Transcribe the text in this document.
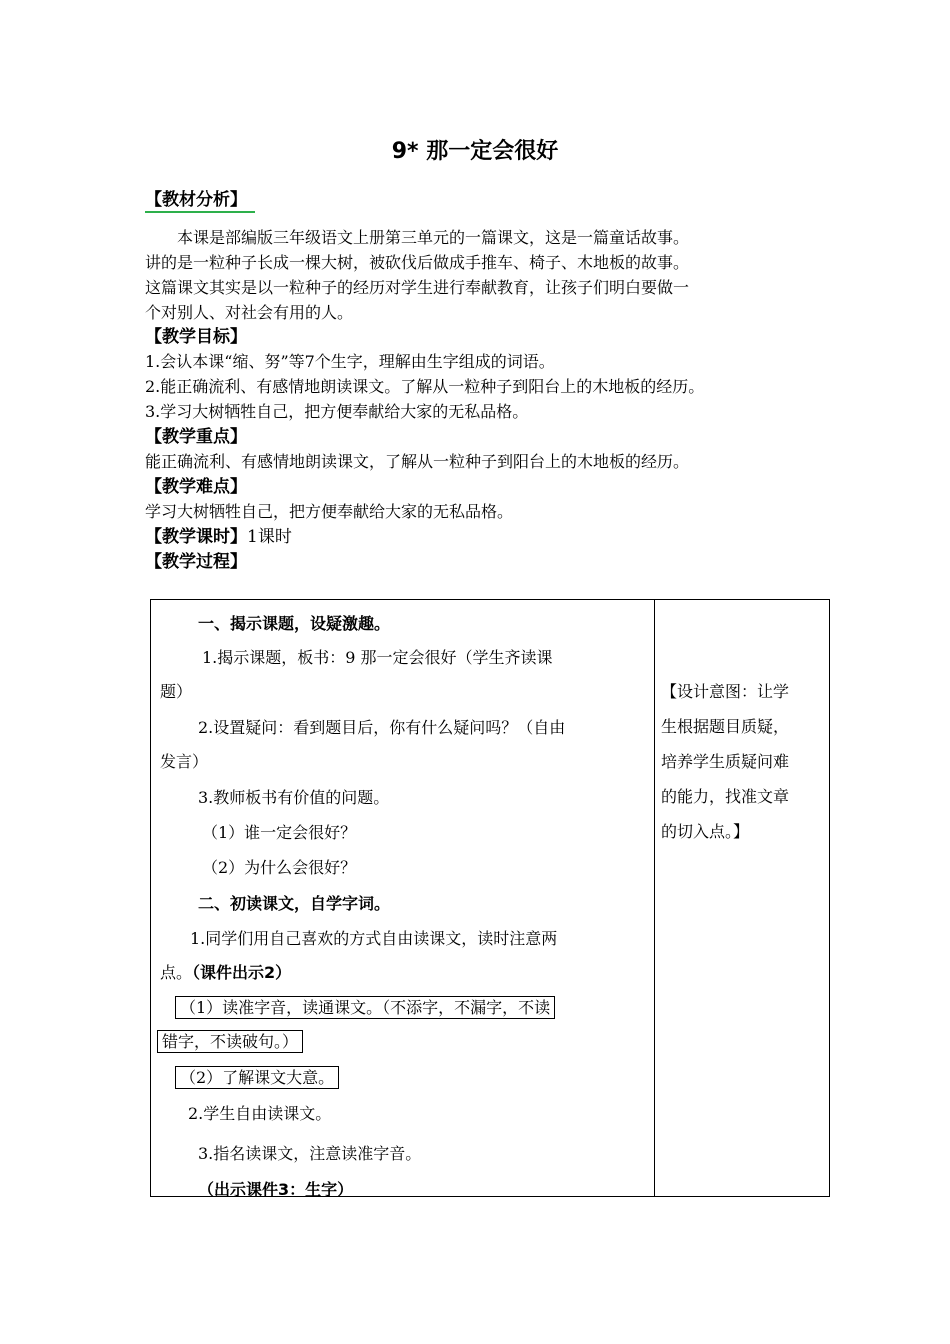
9* 那一定会很好
【教材分析】
本课是部编版三年级语文上册第三单元的一篇课文，这是一篇童话故事。
讲的是一粒种子长成一棵大树，被砍伐后做成手推车、椅子、木地板的故事。
这篇课文其实是以一粒种子的经历对学生进行奉献教育，让孩子们明白要做一
个对别人、对社会有用的人。
【教学目标】
1.会认本课“缩、努”等7个生字，理解由生字组成的词语。
2.能正确流利、有感情地朗读课文。了解从一粒种子到阳台上的木地板的经历。
3.学习大树牺牲自己，把方便奉献给大家的无私品格。
【教学重点】
能正确流利、有感情地朗读课文，了解从一粒种子到阳台上的木地板的经历。
【教学难点】
学习大树牺牲自己，把方便奉献给大家的无私品格。
【教学课时】1课时
【教学过程】
一、揭示课题，设疑激趣。
1.揭示课题，板书：9 那一定会很好（学生齐读课
题）
2.设置疑问：看到题目后，你有什么疑问吗？（自由
发言）
3.教师板书有价值的问题。
（1）谁一定会很好？
（2）为什么会很好？
二、初读课文，自学字词。
1.同学们用自己喜欢的方式自由读课文，读时注意两
点。（课件出示2）
（1）读准字音，读通课文。（不添字，不漏字，不读
错字，不读破句。）
（2）了解课文大意。
2.学生自由读课文。
3.指名读课文，注意读准字音。
（出示课件3：生字）
【设计意图：让学
生根据题目质疑，
培养学生质疑问难
的能力，找准文章
的切入点。】
